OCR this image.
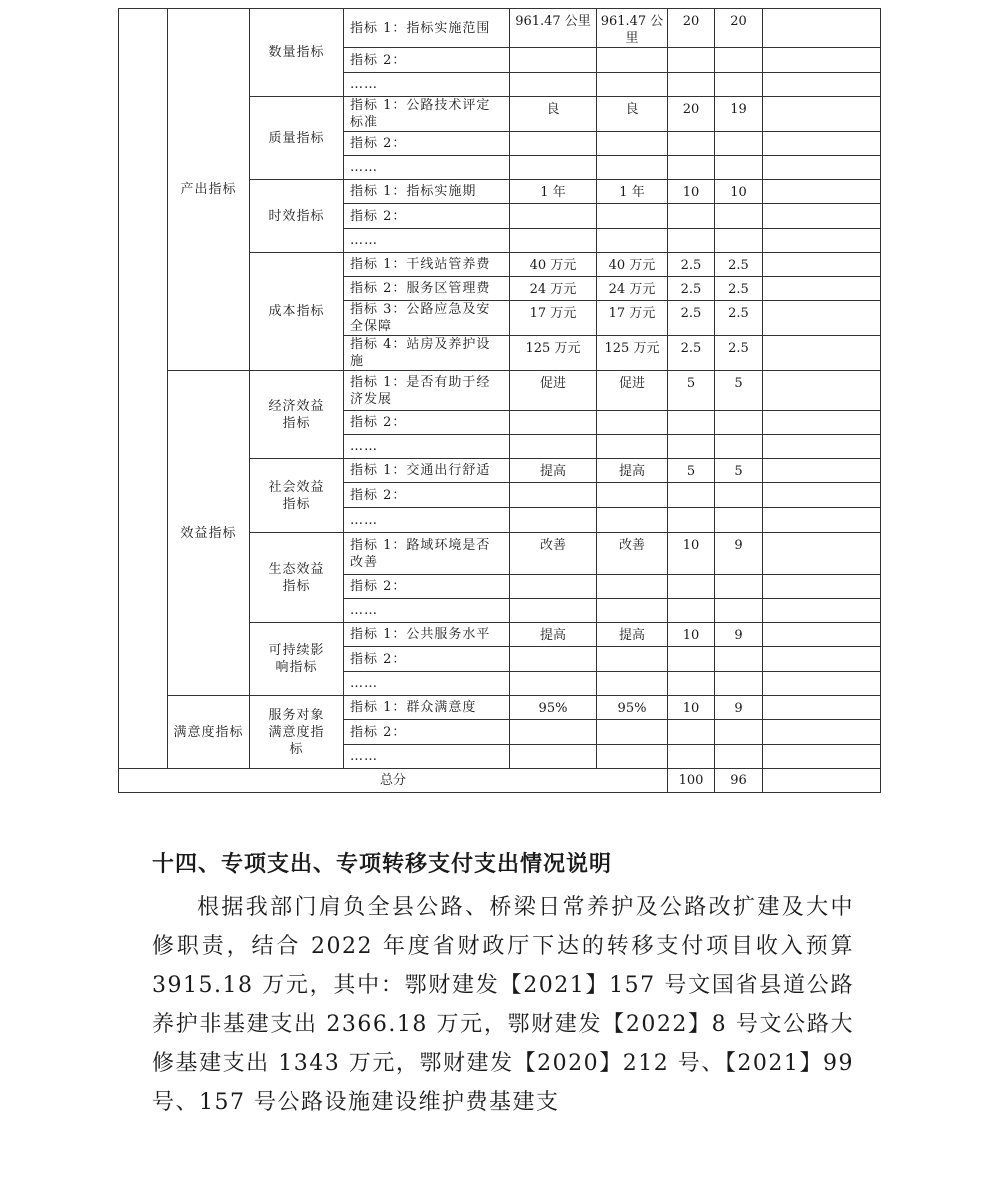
	产出指标	数量指标	指标 1：指标实施范围	961.47 公里	961.47 公里	20	20	
			指标 2：					
			……					
		质量指标	指标 1：公路技术评定标准	良	良	20	19	
			指标 2：					
			……					
		时效指标	指标 1：指标实施期	1 年	1 年	10	10	
			指标 2：					
			……					
		成本指标	指标 1：干线站管养费	40 万元	40 万元	2.5	2.5	
			指标 2：服务区管理费	24 万元	24 万元	2.5	2.5	
			指标 3：公路应急及安全保障	17 万元	17 万元	2.5	2.5	
			指标 4：站房及养护设施	125 万元	125 万元	2.5	2.5	
	效益指标	经济效益指标	指标 1：是否有助于经济发展	促进	促进	5	5	
			指标 2：					
			……					
		社会效益指标	指标 1：交通出行舒适	提高	提高	5	5	
			指标 2：					
			……					
		生态效益指标	指标 1：路域环境是否改善	改善	改善	10	9	
			指标 2：					
			……					
		可持续影响指标	指标 1：公共服务水平	提高	提高	10	9	
			指标 2：					
			……					
	满意度指标	服务对象满意度指标	指标 1：群众满意度	95%	95%	10	9	
			指标 2：					
			……					
总分						100	96	

十四、专项支出、专项转移支付支出情况说明

根据我部门肩负全县公路、桥梁日常养护及公路改扩建及大中修职责，结合 2022 年度省财政厅下达的转移支付项目收入预算 3915.18 万元，其中：鄂财建发【2021】157 号文国省县道公路养护非基建支出 2366.18 万元，鄂财建发【2022】8 号文公路大修基建支出 1343 万元，鄂财建发【2020】212 号、【2021】99 号、157 号公路设施建设维护费基建支
